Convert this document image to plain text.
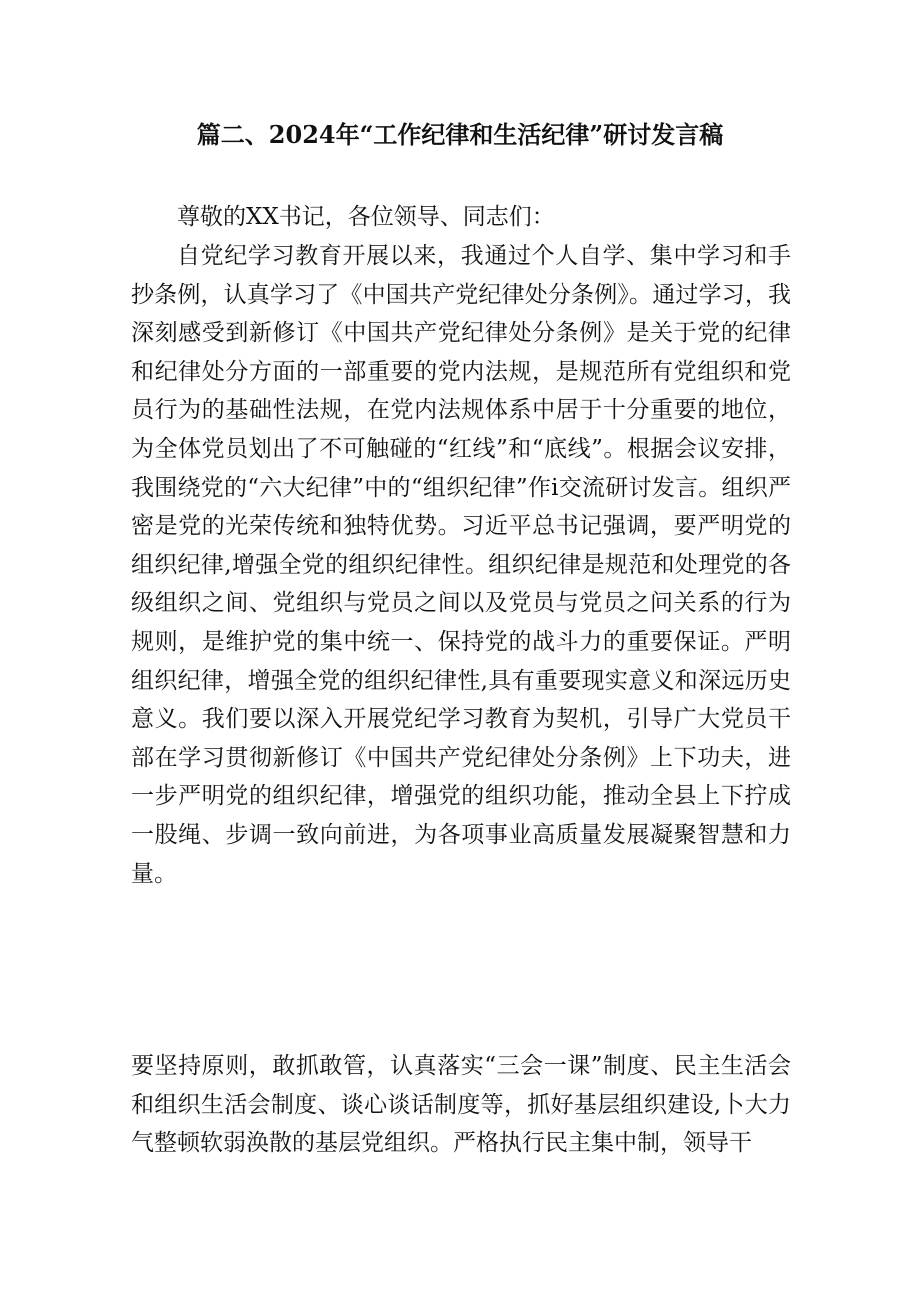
篇二、2024年“工作纪律和生活纪律”研讨发言稿
尊敬的XX书记，各位领导、同志们：
自党纪学习教育开展以来，我通过个人自学、集中学习和手抄条例，认真学习了《中国共产党纪律处分条例》。通过学习，我深刻感受到新修订《中国共产党纪律处分条例》是关于党的纪律和纪律处分方面的一部重要的党内法规，是规范所有党组织和党员行为的基础性法规，在党内法规体系中居于十分重要的地位，为全体党员划出了不可触碰的“红线”和“底线”。根据会议安排，我围绕党的“六大纪律”中的“组织纪律”作i交流研讨发言。组织严密是党的光荣传统和独特优势。习近平总书记强调，要严明党的组织纪律,增强全党的组织纪律性。组织纪律是规范和处理党的各级组织之间、党组织与党员之间以及党员与党员之问关系的行为规则，是维护党的集中统一、保持党的战斗力的重要保证。严明组织纪律，增强全党的组织纪律性,具有重要现实意义和深远历史意义。我们要以深入开展党纪学习教育为契机，引导广大党员干部在学习贯彻新修订《中国共产党纪律处分条例》上下功夫，进一步严明党的组织纪律，增强党的组织功能，推动全县上下拧成一股绳、步调一致向前进，为各项事业高质量发展凝聚智慧和力量。
要坚持原则，敢抓敢管，认真落实“三会一课”制度、民主生活会和组织生活会制度、谈心谈话制度等，抓好基层组织建设,卜大力气整顿软弱涣散的基层党组织。严格执行民主集中制，领导干
